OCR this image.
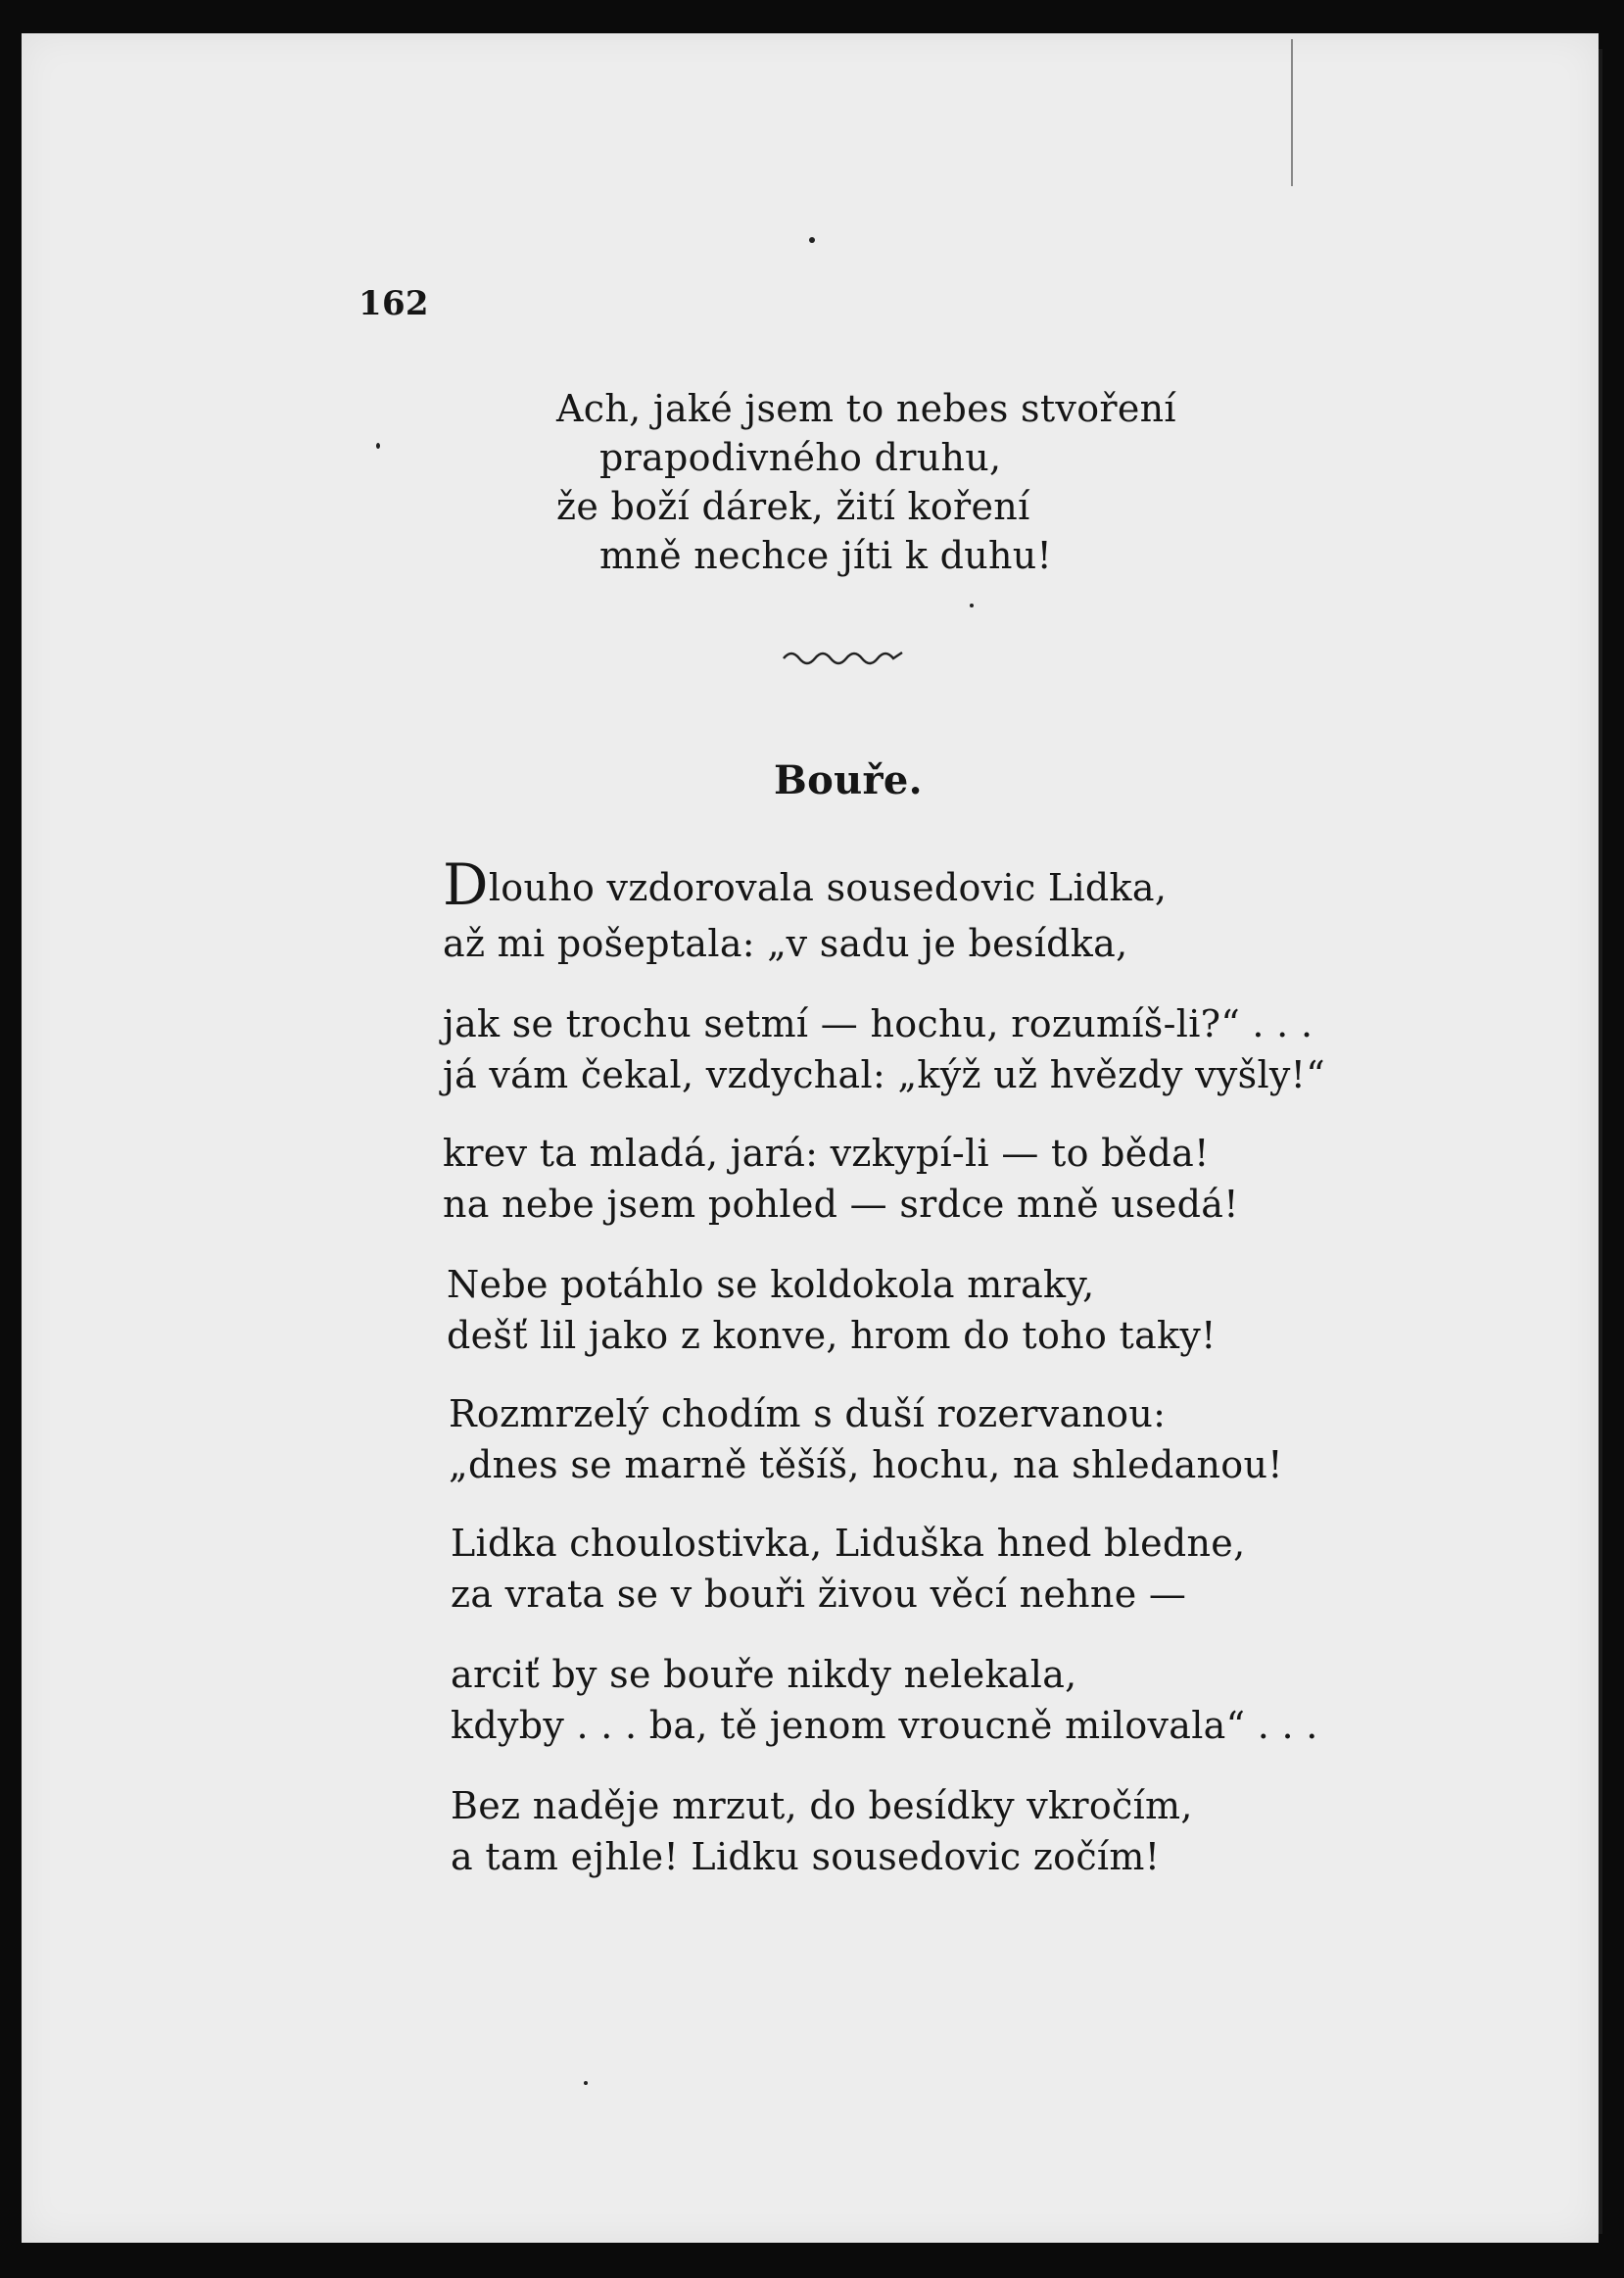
162
Ach, jaké jsem to nebes stvoření
prapodivného druhu,
že boží dárek, žití koření
mně nechce jíti k duhu!
Bouře.
Dlouho vzdorovala sousedovic Lidka,
až mi pošeptala: „v sadu je besídka,
jak se trochu setmí — hochu, rozumíš-li?“ . . .
já vám čekal, vzdychal: „kýž už hvězdy vyšly!“
krev ta mladá, jará: vzkypí-li — to běda!
na nebe jsem pohled — srdce mně usedá!
Nebe potáhlo se koldokola mraky,
dešť lil jako z konve, hrom do toho taky!
Rozmrzelý chodím s duší rozervanou:
„dnes se marně těšíš, hochu, na shledanou!
Lidka choulostivka, Liduška hned bledne,
za vrata se v bouři živou věcí nehne —
arciť by se bouře nikdy nelekala,
kdyby . . . ba, tě jenom vroucně milovala“ . . .
Bez naděje mrzut, do besídky vkročím,
a tam ejhle! Lidku sousedovic zočím!
